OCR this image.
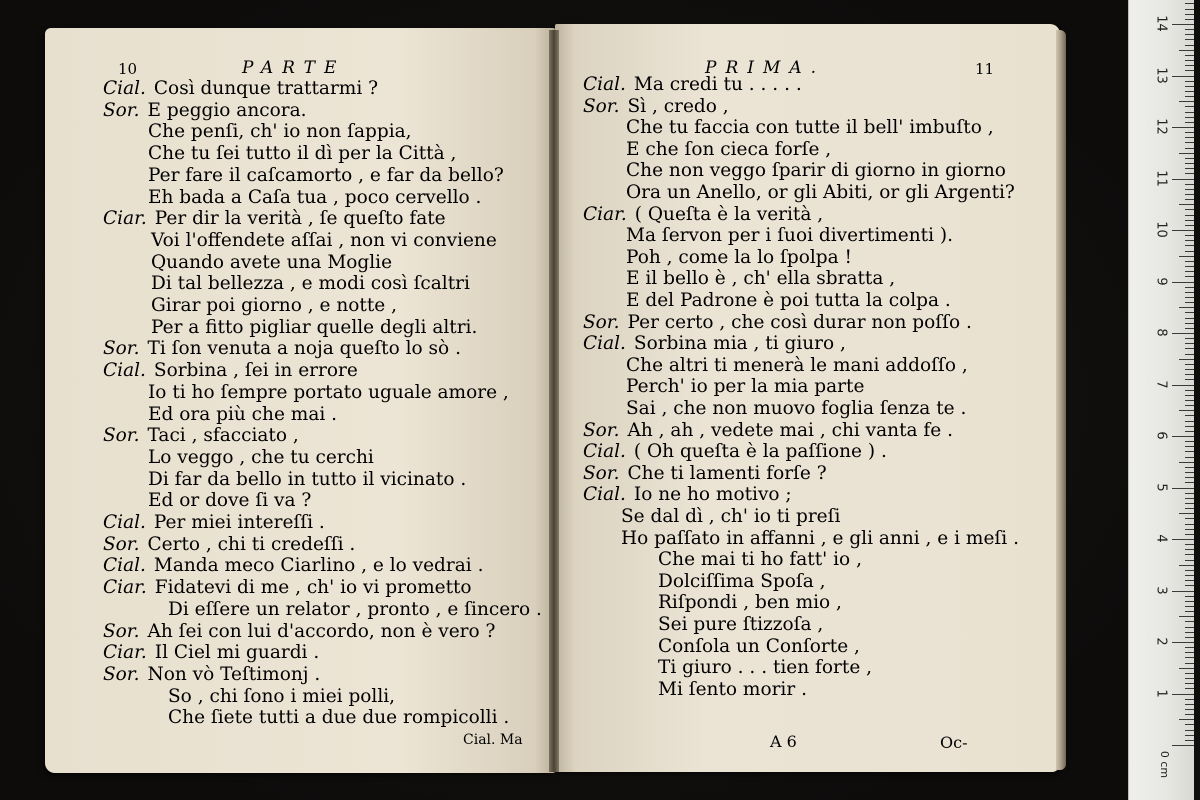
10	PARTE	PRIMA.	11
Cial. Così dunque trattarmi ?
Sor. E peggio ancora.
Che penſi, ch' io non ſappia,
Che tu ſei tutto il dì per la Città ,
Per fare il caſcamorto , e far da bello?
Eh bada a Caſa tua , poco cervello .
Ciar. Per dir la verità , ſe queſto fate
Voi l'offendete aſſai , non vi conviene
Quando avete una Moglie
Di tal bellezza , e modi così ſcaltri
Girar poi giorno , e notte ,
Per a fitto pigliar quelle degli altri.
Sor. Ti ſon venuta a noja queſto lo sò .
Cial. Sorbina , ſei in errore
Io ti ho ſempre portato uguale amore ,
Ed ora più che mai .
Sor. Taci , sfacciato ,
Lo veggo , che tu cerchi
Di far da bello in tutto il vicinato .
Ed or dove ſi va ?
Cial. Per miei intereſſi .
Sor. Certo , chi ti credeſſi .
Cial. Manda meco Ciarlino , e lo vedrai .
Ciar. Fidatevi di me , ch' io vi prometto
Di eſſere un relator , pronto , e ſincero .
Sor. Ah ſei con lui d'accordo, non è vero ?
Ciar. Il Ciel mi guardi .
Sor. Non vò Teſtimonj .
So , chi ſono i miei polli,
Che ſiete tutti a due due rompicolli .
Cial. Ma credi tu . . . . .
Sor. Sì , credo ,
Che tu faccia con tutte il bell' imbuſto ,
E che ſon cieca forſe ,
Che non veggo ſparir di giorno in giorno
Ora un Anello, or gli Abiti, or gli Argenti?
Ciar. ( Queſta è la verità ,
Ma ſervon per i ſuoi divertimenti ).
Poh , come la lo ſpolpa !
E il bello è , ch' ella sbratta ,
E del Padrone è poi tutta la colpa .
Sor. Per certo , che così durar non poſſo .
Cial. Sorbina mia , ti giuro ,
Che altri ti menerà le mani addoſſo ,
Perch' io per la mia parte
Sai , che non muovo foglia ſenza te .
Sor. Ah , ah , vedete mai , chi vanta fe .
Cial. ( Oh queſta è la paſſione ) .
Sor. Che ti lamenti forſe ?
Cial. Io ne ho motivo ;
Se dal dì , ch' io ti preſi
Ho paſſato in affanni , e gli anni , e i meſi .
Che mai ti ho fatt' io ,
Dolciſſima Spoſa ,
Riſpondi , ben mio ,
Sei pure ſtizzoſa ,
Conſola un Conſorte ,
Ti giuro . . . tien forte ,
Mi ſento morir .
Cial. Ma	A 6	Oc-
0 cm
14
13
12
11
10
9
8
7
6
5
4
3
2
1
